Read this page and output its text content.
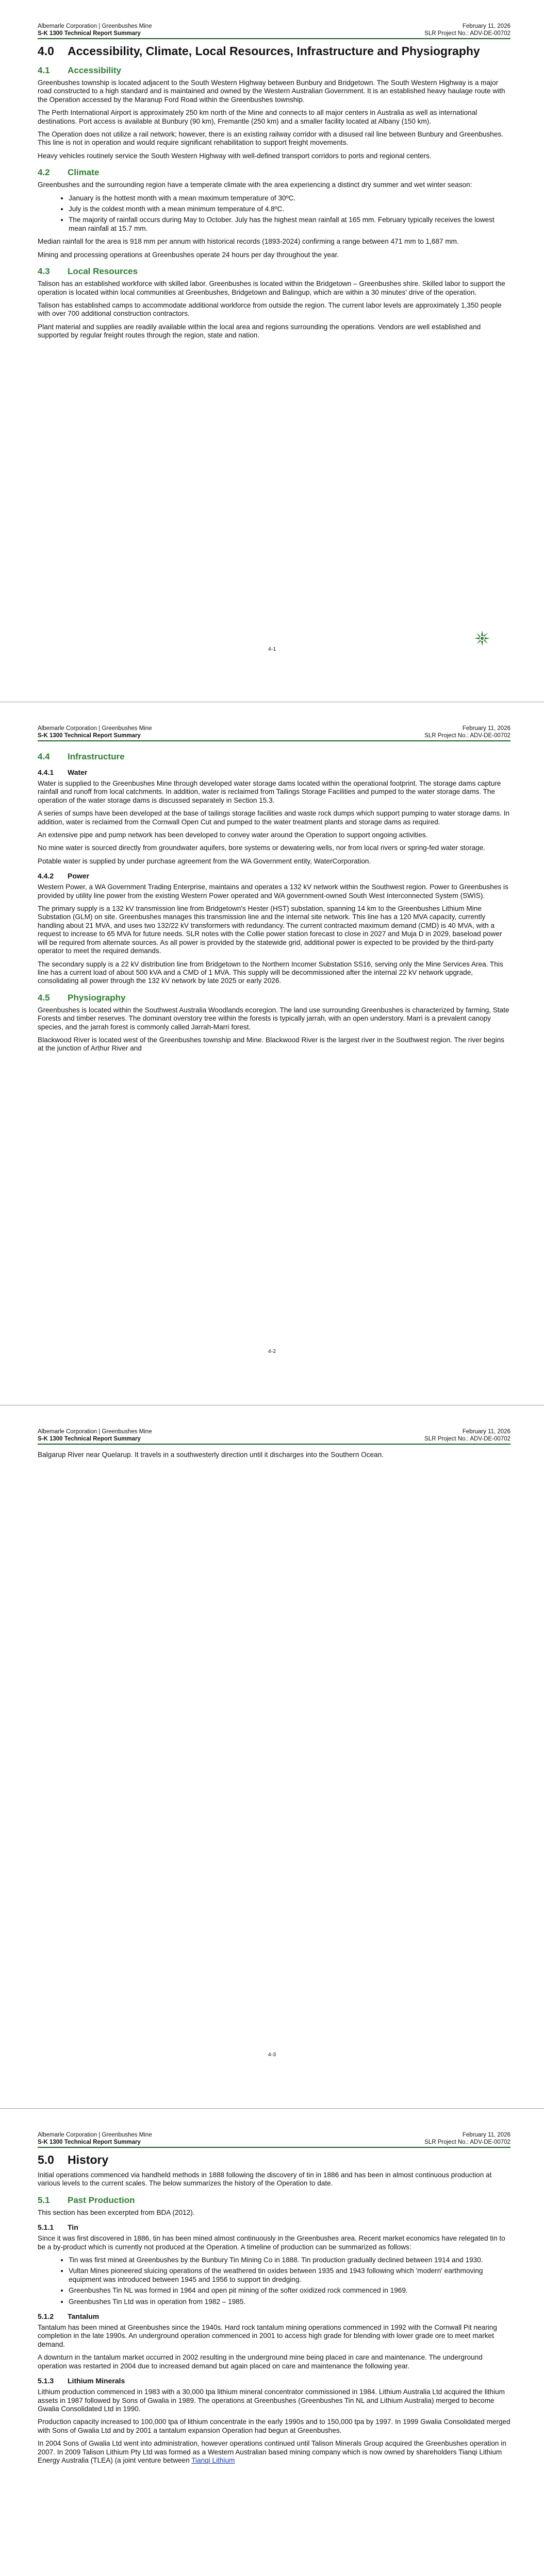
Albemarle Corporation | Greenbushes Mine
S-K 1300 Technical Report Summary
February 11, 2026
SLR Project No.: ADV-DE-00702
4.0 Accessibility, Climate, Local Resources, Infrastructure and Physiography
4.1 Accessibility

Greenbushes township is located adjacent to the South Western Highway between Bunbury and Bridgetown. The South Western Highway is a major road constructed to a high standard and is maintained and owned by the Western Australian Government. It is an established heavy haulage route with the Operation accessed by the Maranup Ford Road within the Greenbushes township.

The Perth International Airport is approximately 250 km north of the Mine and connects to all major centers in Australia as well as international destinations. Port access is available at Bunbury (90 km), Fremantle (250 km) and a smaller facility located at Albany (150 km).

The Operation does not utilize a rail network; however, there is an existing railway corridor with a disused rail line between Bunbury and Greenbushes. This line is not in operation and would require significant rehabilitation to support freight movements.

Heavy vehicles routinely service the South Western Highway with well-defined transport corridors to ports and regional centers.

4.2 Climate

Greenbushes and the surrounding region have a temperate climate with the area experiencing a distinct dry summer and wet winter season:

• January is the hottest month with a mean maximum temperature of 30ºC.
• July is the coldest month with a mean minimum temperature of 4.8ºC.
• The majority of rainfall occurs during May to October. July has the highest mean rainfall at 165 mm. February typically receives the lowest mean rainfall at 15.7 mm.

Median rainfall for the area is 918 mm per annum with historical records (1893-2024) confirming a range between 471 mm to 1,687 mm.

Mining and processing operations at Greenbushes operate 24 hours per day throughout the year.

4.3 Local Resources

Talison has an established workforce with skilled labor. Greenbushes is located within the Bridgetown – Greenbushes shire. Skilled labor to support the operation is located within local communities at Greenbushes, Bridgetown and Balingup, which are within a 30 minutes' drive of the operation.

Talison has established camps to accommodate additional workforce from outside the region. The current labor levels are approximately 1,350 people with over 700 additional construction contractors.

Plant material and supplies are readily available within the local area and regions surrounding the operations. Vendors are well established and supported by regular freight routes through the region, state and nation.

4-1
Albemarle Corporation | Greenbushes Mine
S-K 1300 Technical Report Summary
February 11, 2026
SLR Project No.: ADV-DE-00702
4.4 Infrastructure
4.4.1 Water

Water is supplied to the Greenbushes Mine through developed water storage dams located within the operational footprint. The storage dams capture rainfall and runoff from local catchments. In addition, water is reclaimed from Tailings Storage Facilities and pumped to the water storage dams. The operation of the water storage dams is discussed separately in Section 15.3.

A series of sumps have been developed at the base of tailings storage facilities and waste rock dumps which support pumping to water storage dams. In addition, water is reclaimed from the Cornwall Open Cut and pumped to the water treatment plants and storage dams as required.

An extensive pipe and pump network has been developed to convey water around the Operation to support ongoing activities.

No mine water is sourced directly from groundwater aquifers, bore systems or dewatering wells, nor from local rivers or spring-fed water storage.

Potable water is supplied by under purchase agreement from the WA Government entity, WaterCorporation.

4.4.2 Power

Western Power, a WA Government Trading Enterprise, maintains and operates a 132 kV network within the Southwest region. Power to Greenbushes is provided by utility line power from the existing Western Power operated and WA government-owned South West Interconnected System (SWIS).

The primary supply is a 132 kV transmission line from Bridgetown's Hester (HST) substation, spanning 14 km to the Greenbushes Lithium Mine Substation (GLM) on site. Greenbushes manages this transmission line and the internal site network. This line has a 120 MVA capacity, currently handling about 21 MVA, and uses two 132/22 kV transformers with redundancy. The current contracted maximum demand (CMD) is 40 MVA, with a request to increase to 65 MVA for future needs. SLR notes with the Collie power station forecast to close in 2027 and Muja D in 2029, baseload power will be required from alternate sources. As all power is provided by the statewide grid, additional power is expected to be provided by the third-party operator to meet the required demands.

The secondary supply is a 22 kV distribution line from Bridgetown to the Northern Incomer Substation SS16, serving only the Mine Services Area. This line has a current load of about 500 kVA and a CMD of 1 MVA. This supply will be decommissioned after the internal 22 kV network upgrade, consolidating all power through the 132 kV network by late 2025 or early 2026.

4.5 Physiography

Greenbushes is located within the Southwest Australia Woodlands ecoregion. The land use surrounding Greenbushes is characterized by farming, State Forests and timber reserves. The dominant overstory tree within the forests is typically jarrah, with an open understory. Marri is a prevalent canopy species, and the jarrah forest is commonly called Jarrah-Marri forest.

Blackwood River is located west of the Greenbushes township and Mine. Blackwood River is the largest river in the Southwest region. The river begins at the junction of Arthur River and

4-2
Albemarle Corporation | Greenbushes Mine
S-K 1300 Technical Report Summary
February 11, 2026
SLR Project No.: ADV-DE-00702

Balgarup River near Quelarup. It travels in a southwesterly direction until it discharges into the Southern Ocean.

4-3
Albemarle Corporation | Greenbushes Mine
S-K 1300 Technical Report Summary
February 11, 2026
SLR Project No.: ADV-DE-00702
5.0 History

Initial operations commenced via handheld methods in 1888 following the discovery of tin in 1886 and has been in almost continuous production at various levels to the current scales. The below summarizes the history of the Operation to date.

5.1 Past Production

This section has been excerpted from BDA (2012).

5.1.1 Tin

Since it was first discovered in 1886, tin has been mined almost continuously in the Greenbushes area. Recent market economics have relegated tin to be a by-product which is currently not produced at the Operation. A timeline of production can be summarized as follows:

• Tin was first mined at Greenbushes by the Bunbury Tin Mining Co in 1888. Tin production gradually declined between 1914 and 1930.
• Vultan Mines pioneered sluicing operations of the weathered tin oxides between 1935 and 1943 following which 'modern' earthmoving equipment was introduced between 1945 and 1956 to support tin dredging.
• Greenbushes Tin NL was formed in 1964 and open pit mining of the softer oxidized rock commenced in 1969.
• Greenbushes Tin Ltd was in operation from 1982 – 1985.
5.1.2 Tantalum

Tantalum has been mined at Greenbushes since the 1940s. Hard rock tantalum mining operations commenced in 1992 with the Cornwall Pit nearing completion in the late 1990s. An underground operation commenced in 2001 to access high grade for blending with lower grade ore to meet market demand.

A downturn in the tantalum market occurred in 2002 resulting in the underground mine being placed in care and maintenance. The underground operation was restarted in 2004 due to increased demand but again placed on care and maintenance the following year.

5.1.3 Lithium Minerals

Lithium production commenced in 1983 with a 30,000 tpa lithium mineral concentrator commissioned in 1984. Lithium Australia Ltd acquired the lithium assets in 1987 followed by Sons of Gwalia in 1989. The operations at Greenbushes (Greenbushes Tin NL and Lithium Australia) merged to become Gwalia Consolidated Ltd in 1990.

Production capacity increased to 100,000 tpa of lithium concentrate in the early 1990s and to 150,000 tpa by 1997. In 1999 Gwalia Consolidated merged with Sons of Gwalia Ltd and by 2001 a tantalum expansion Operation had begun at Greenbushes.

In 2004 Sons of Gwalia Ltd went into administration, however operations continued until Talison Minerals Group acquired the Greenbushes operation in 2007. In 2009 Talison Lithium Pty Ltd was formed as a Western Australian based mining company which is now owned by shareholders Tianqi Lithium Energy Australia (TLEA) (a joint venture between Tianqi Lithium
